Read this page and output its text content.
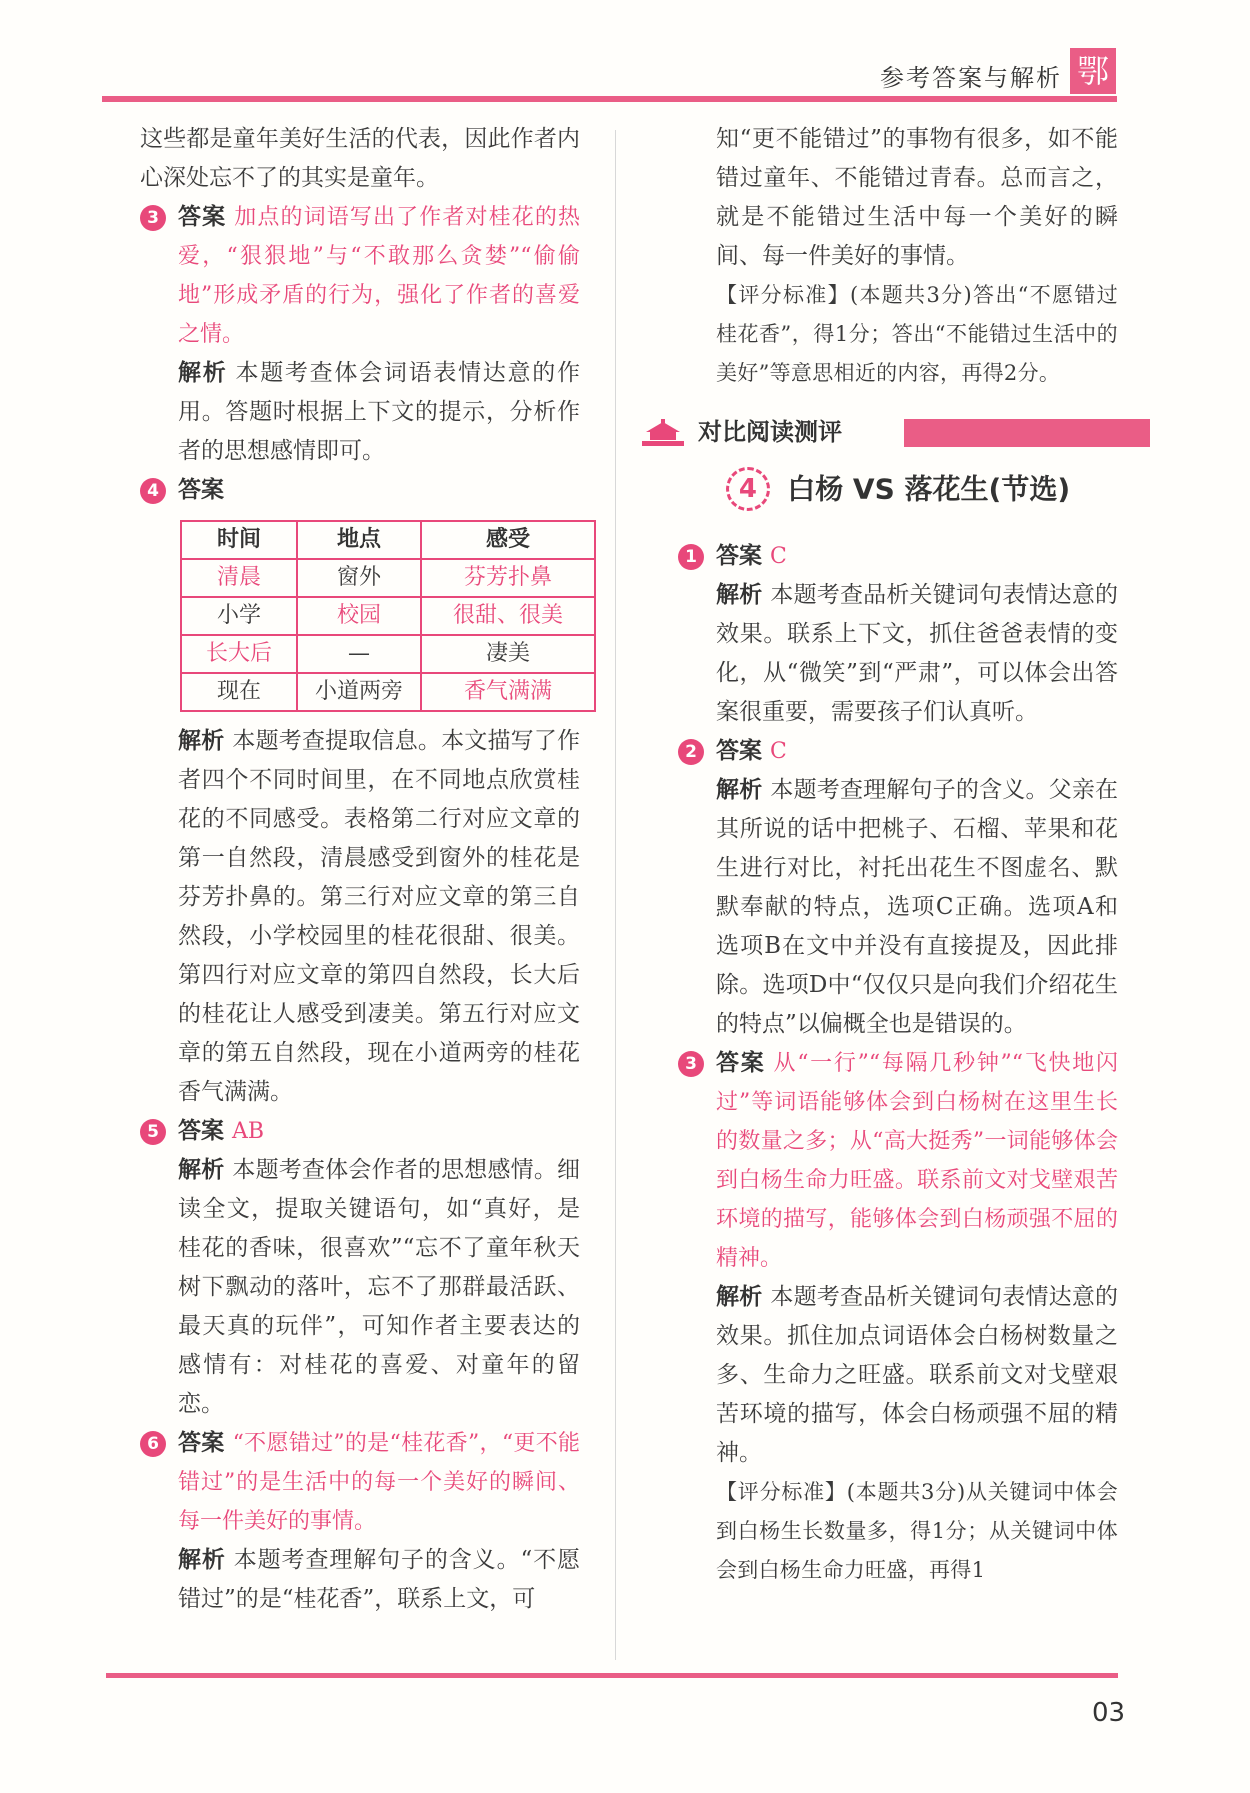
参考答案与解析 鄂

这些都是童年美好生活的代表，因此作者内心深处忘不了的其实是童年。

3 答案 加点的词语写出了作者对桂花的热爱，“狠狠地”与“不敢那么贪婪”“偷偷地”形成矛盾的行为，强化了作者的喜爱之情。

解析 本题考查体会词语表情达意的作用。答题时根据上下文的提示，分析作者的思想感情即可。

4 答案

时间	地点	感受
清晨	窗外	芬芳扑鼻
小学	校园	很甜、很美
长大后	—	凄美
现在	小道两旁	香气满满

解析 本题考查提取信息。本文描写了作者四个不同时间里，在不同地点欣赏桂花的不同感受。表格第二行对应文章的第一自然段，清晨感受到窗外的桂花是芬芳扑鼻的。第三行对应文章的第三自然段，小学校园里的桂花很甜、很美。第四行对应文章的第四自然段，长大后的桂花让人感受到凄美。第五行对应文章的第五自然段，现在小道两旁的桂花香气满满。

5 答案 AB

解析 本题考查体会作者的思想感情。细读全文，提取关键语句，如“真好，是桂花的香味，很喜欢”“忘不了童年秋天树下飘动的落叶，忘不了那群最活跃、最天真的玩伴”，可知作者主要表达的感情有：对桂花的喜爱、对童年的留恋。

6 答案 “不愿错过”的是“桂花香”，“更不能错过”的是生活中的每一个美好的瞬间、每一件美好的事情。

解析 本题考查理解句子的含义。“不愿错过”的是“桂花香”，联系上文，可

知“更不能错过”的事物有很多，如不能错过童年、不能错过青春。总而言之，就是不能错过生活中每一个美好的瞬间、每一件美好的事情。

【评分标准】(本题共3分)答出“不愿错过桂花香”，得1分；答出“不能错过生活中的美好”等意思相近的内容，再得2分。

对比阅读测评
4 白杨 VS 落花生(节选)
1 答案 C

解析 本题考查品析关键词句表情达意的效果。联系上下文，抓住爸爸表情的变化，从“微笑”到“严肃”，可以体会出答案很重要，需要孩子们认真听。

2 答案 C

解析 本题考查理解句子的含义。父亲在其所说的话中把桃子、石榴、苹果和花生进行对比，衬托出花生不图虚名、默默奉献的特点，选项C正确。选项A和选项B在文中并没有直接提及，因此排除。选项D中“仅仅只是向我们介绍花生的特点”以偏概全也是错误的。

3 答案 从“一行”“每隔几秒钟”“飞快地闪过”等词语能够体会到白杨树在这里生长的数量之多；从“高大挺秀”一词能够体会到白杨生命力旺盛。联系前文对戈壁艰苦环境的描写，能够体会到白杨顽强不屈的精神。

解析 本题考查品析关键词句表情达意的效果。抓住加点词语体会白杨树数量之多、生命力之旺盛。联系前文对戈壁艰苦环境的描写，体会白杨顽强不屈的精神。

【评分标准】(本题共3分)从关键词中体会到白杨生长数量多，得1分；从关键词中体会到白杨生命力旺盛，再得1

03
